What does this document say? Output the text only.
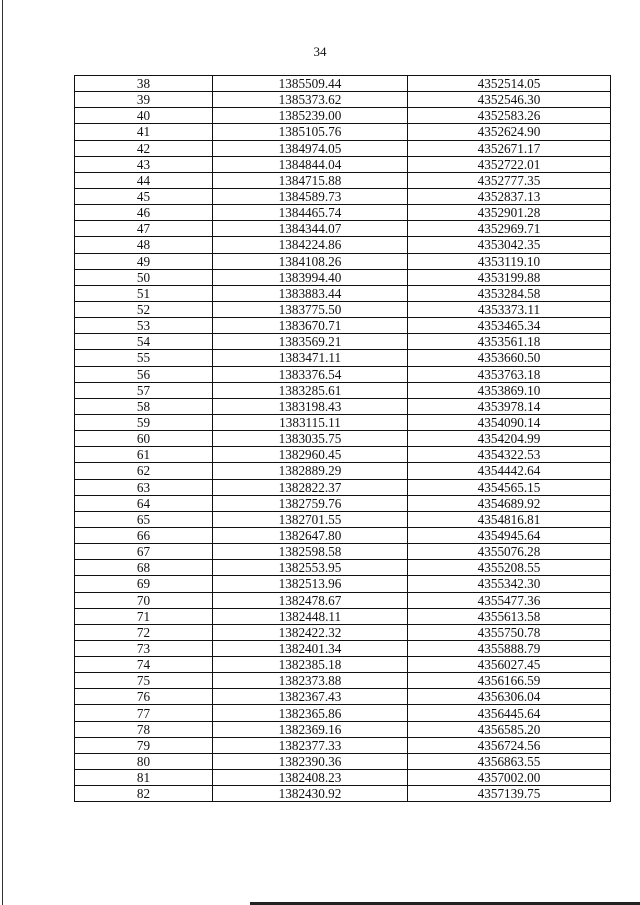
34
38	1385509.44	4352514.05
39	1385373.62	4352546.30
40	1385239.00	4352583.26
41	1385105.76	4352624.90
42	1384974.05	4352671.17
43	1384844.04	4352722.01
44	1384715.88	4352777.35
45	1384589.73	4352837.13
46	1384465.74	4352901.28
47	1384344.07	4352969.71
48	1384224.86	4353042.35
49	1384108.26	4353119.10
50	1383994.40	4353199.88
51	1383883.44	4353284.58
52	1383775.50	4353373.11
53	1383670.71	4353465.34
54	1383569.21	4353561.18
55	1383471.11	4353660.50
56	1383376.54	4353763.18
57	1383285.61	4353869.10
58	1383198.43	4353978.14
59	1383115.11	4354090.14
60	1383035.75	4354204.99
61	1382960.45	4354322.53
62	1382889.29	4354442.64
63	1382822.37	4354565.15
64	1382759.76	4354689.92
65	1382701.55	4354816.81
66	1382647.80	4354945.64
67	1382598.58	4355076.28
68	1382553.95	4355208.55
69	1382513.96	4355342.30
70	1382478.67	4355477.36
71	1382448.11	4355613.58
72	1382422.32	4355750.78
73	1382401.34	4355888.79
74	1382385.18	4356027.45
75	1382373.88	4356166.59
76	1382367.43	4356306.04
77	1382365.86	4356445.64
78	1382369.16	4356585.20
79	1382377.33	4356724.56
80	1382390.36	4356863.55
81	1382408.23	4357002.00
82	1382430.92	4357139.75
